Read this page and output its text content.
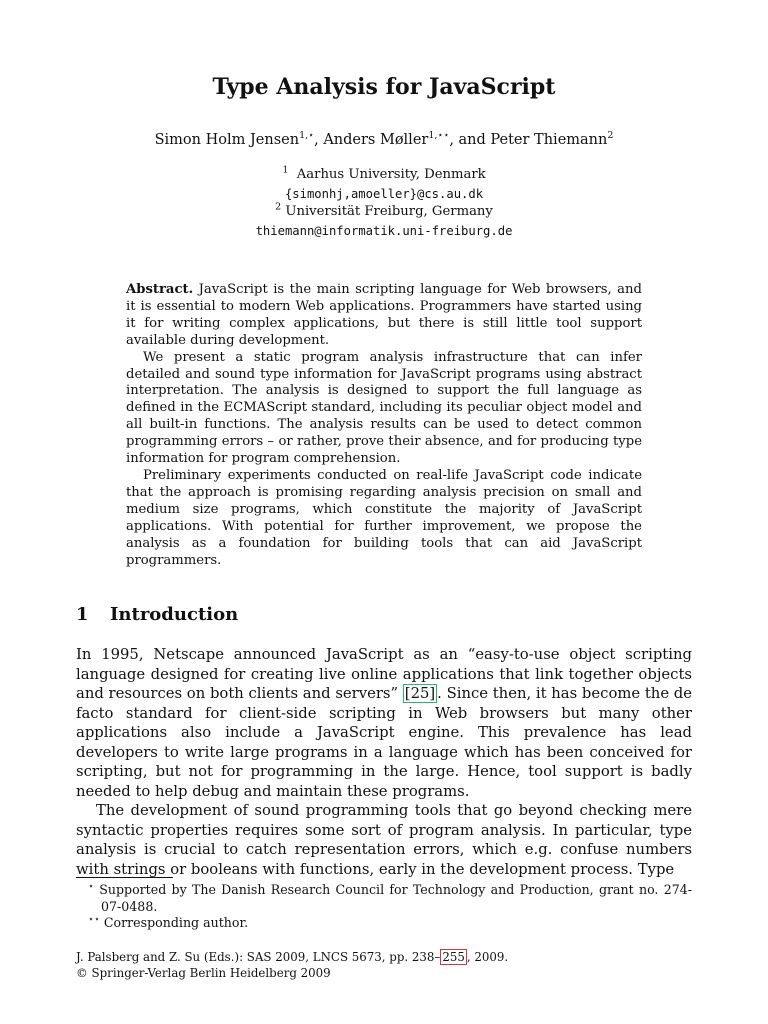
Type Analysis for JavaScript
Simon Holm Jensen$^{1,⋆}$, Anders Møller$^{1,⋆⋆}$, and Peter Thiemann$^2$
$^1$ Aarhus University, Denmark
{simonhj,amoeller}@cs.au.dk
$^2$ Universität Freiburg, Germany
thiemann@informatik.uni-freiburg.de

Abstract. JavaScript is the main scripting language for Web browsers, and it is essential to modern Web applications. Programmers have started using it for writing complex applications, but there is still little tool support available during development.

We present a static program analysis infrastructure that can infer detailed and sound type information for JavaScript programs using abstract interpretation. The analysis is designed to support the full language as defined in the ECMAScript standard, including its peculiar object model and all built-in functions. The analysis results can be used to detect common programming errors – or rather, prove their absence, and for producing type information for program comprehension.

Preliminary experiments conducted on real-life JavaScript code indicate that the approach is promising regarding analysis precision on small and medium size programs, which constitute the majority of JavaScript applications. With potential for further improvement, we propose the analysis as a foundation for building tools that can aid JavaScript programmers.

1 Introduction

In 1995, Netscape announced JavaScript as an “easy-to-use object scripting language designed for creating live online applications that link together objects and resources on both clients and servers” [25] . Since then, it has become the de facto standard for client-side scripting in Web browsers but many other applications also include a JavaScript engine. This prevalence has lead developers to write large programs in a language which has been conceived for scripting, but not for programming in the large. Hence, tool support is badly needed to help debug and maintain these programs.

The development of sound programming tools that go beyond checking mere syntactic properties requires some sort of program analysis. In particular, type analysis is crucial to catch representation errors, which e.g. confuse numbers with strings or booleans with functions, early in the development process. Type

⋆ Supported by The Danish Research Council for Technology and Production, grant no. 274-07-0488.
⋆⋆ Corresponding author.
J. Palsberg and Z. Su (Eds.): SAS 2009, LNCS 5673, pp. 238– 255 , 2009.
© Springer-Verlag Berlin Heidelberg 2009
